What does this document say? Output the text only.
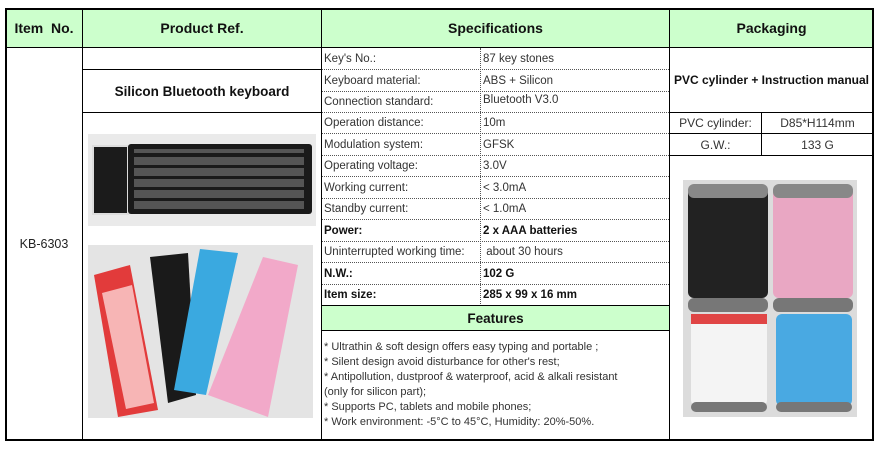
Item  No.	Product Ref.	Specifications	Packaging
Features
KB-6303
Silicon Bluetooth keyboard
Key's No.:	87 key stones
Keyboard material:	ABS + Silicon
Connection standard:	Bluetooth V3.0
Operation distance:	10m
Modulation system:	GFSK
Operating voltage:	3.0V
Working current:	< 3.0mA
Standby current:	< 1.0mA
Power:	2 x AAA batteries
Uninterrupted working time: about 30 hours
N.W.:	102 G
Item size:	285 x 99 x 16 mm
* Ultrathin & soft design offers easy typing and portable ;
* Silent design avoid disturbance for other's rest;
* Antipollution, dustproof & waterproof, acid & alkali resistant
(only for silicon part);
* Supports PC, tablets and mobile phones;
* Work environment: -5°C to 45°C, Humidity: 20%-50%.
PVC cylinder + Instruction manual
PVC cylinder: D85*H114mm
G.W.:	133 G
